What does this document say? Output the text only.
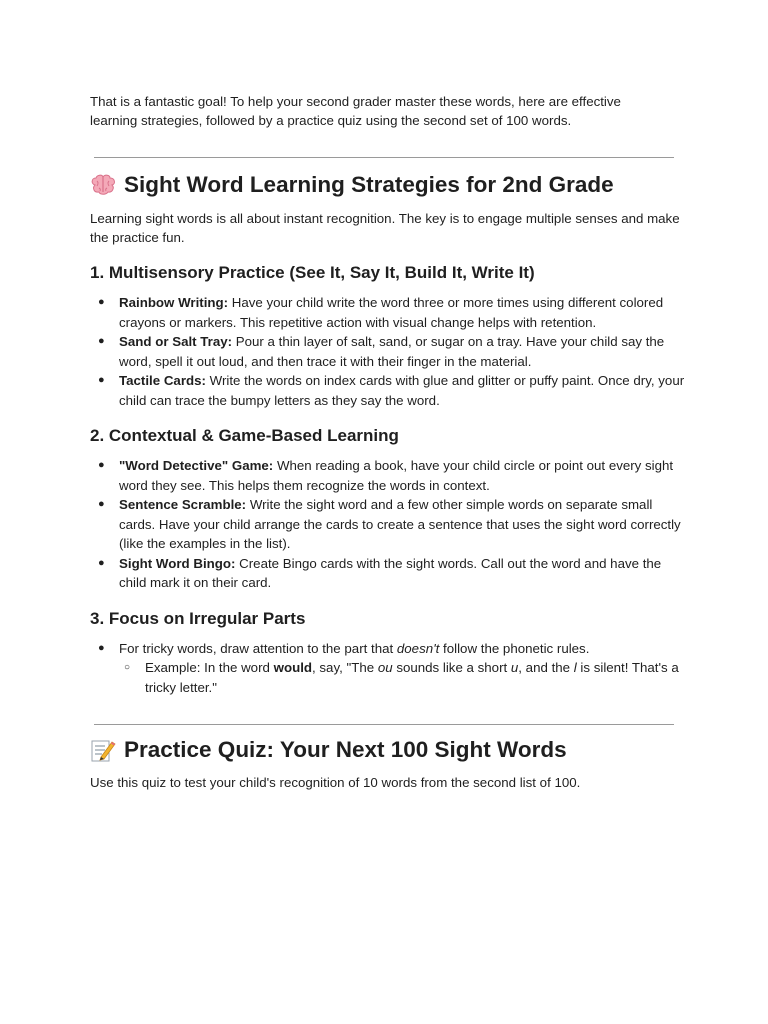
That is a fantastic goal! To help your second grader master these words, here are effective learning strategies, followed by a practice quiz using the second set of 100 words.

Sight Word Learning Strategies for 2nd Grade

Learning sight words is all about instant recognition. The key is to engage multiple senses and make the practice fun.

1. Multisensory Practice (See It, Say It, Build It, Write It)
● Rainbow Writing: Have your child write the word three or more times using different colored crayons or markers. This repetitive action with visual change helps with retention.
● Sand or Salt Tray: Pour a thin layer of salt, sand, or sugar on a tray. Have your child say the word, spell it out loud, and then trace it with their finger in the material.
● Tactile Cards: Write the words on index cards with glue and glitter or puffy paint. Once dry, your child can trace the bumpy letters as they say the word.
2. Contextual & Game-Based Learning
● "Word Detective" Game: When reading a book, have your child circle or point out every sight word they see. This helps them recognize the words in context.
● Sentence Scramble: Write the sight word and a few other simple words on separate small cards. Have your child arrange the cards to create a sentence that uses the sight word correctly (like the examples in the list).
● Sight Word Bingo: Create Bingo cards with the sight words. Call out the word and have the child mark it on their card.
3. Focus on Irregular Parts
● For tricky words, draw attention to the part that doesn't follow the phonetic rules.
○ Example: In the word would, say, "The ou sounds like a short u, and the l is silent! That's a tricky letter."
Practice Quiz: Your Next 100 Sight Words

Use this quiz to test your child's recognition of 10 words from the second list of 100.
